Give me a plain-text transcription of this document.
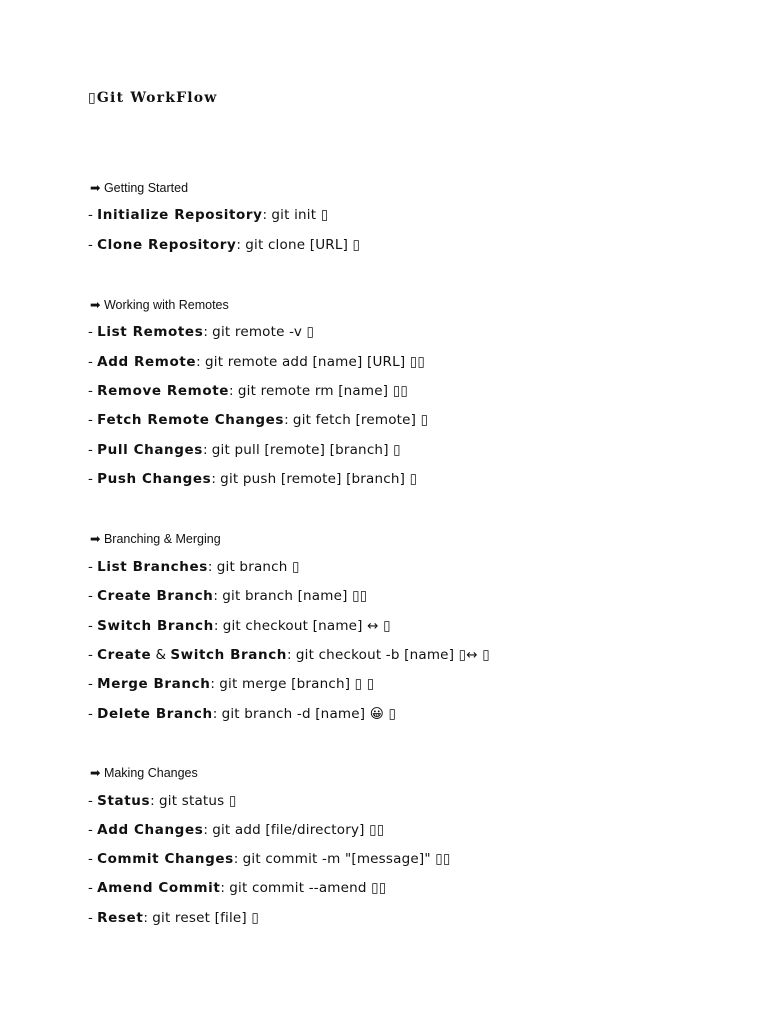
▯Git WorkFlow
➡ Getting Started
- Initialize Repository: git init ▯
- Clone Repository: git clone [URL] ▯
➡ Working with Remotes
- List Remotes: git remote -v ▯
- Add Remote: git remote add [name] [URL] ▯▯
- Remove Remote: git remote rm [name] ▯▯
- Fetch Remote Changes: git fetch [remote] ▯
- Pull Changes: git pull [remote] [branch] ▯
- Push Changes: git push [remote] [branch] ▯
➡ Branching & Merging
- List Branches: git branch ▯
- Create Branch: git branch [name] ▯▯
- Switch Branch: git checkout [name] ↔ ▯
- Create & Switch Branch: git checkout -b [name] ▯↔ ▯
- Merge Branch: git merge [branch] ▯ ▯
- Delete Branch: git branch -d [name] 😀 ▯
➡ Making Changes
- Status: git status ▯
- Add Changes: git add [file/directory] ▯▯
- Commit Changes: git commit -m "[message]" ▯▯
- Amend Commit: git commit --amend ▯▯
- Reset: git reset [file] ▯
